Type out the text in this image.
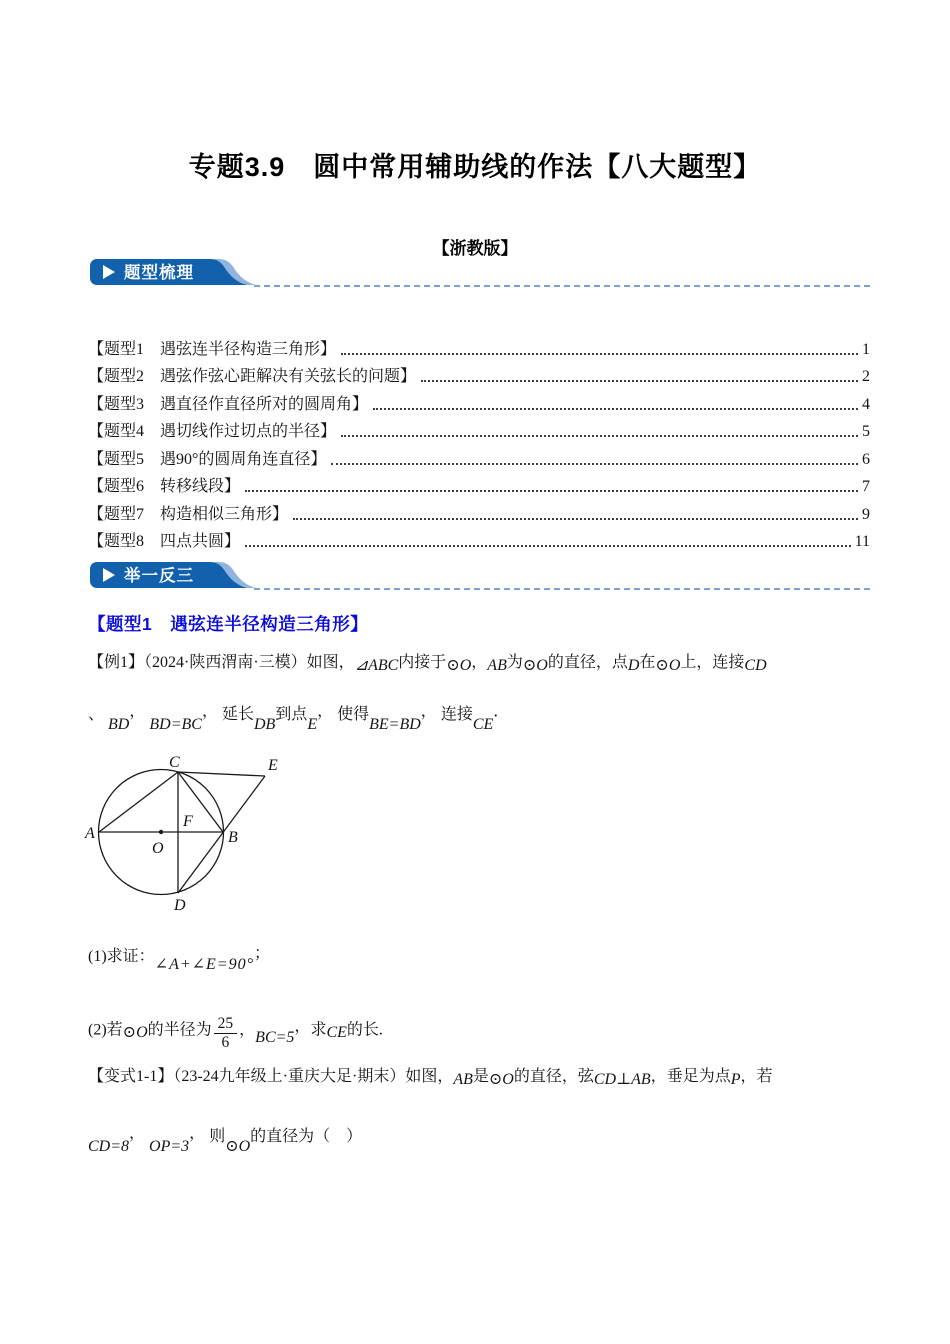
专题3.9　圆中常用辅助线的作法【八大题型】
【浙教版】
题型梳理
【题型1　遇弦连半径构造三角形】	1
【题型2　遇弦作弦心距解决有关弦长的问题】	2
【题型3　遇直径作直径所对的圆周角】	4
【题型4　遇切线作过切点的半径】	5
【题型5　遇90°的圆周角连直径】	6
【题型6　转移线段】	7
【题型7　构造相似三角形】	9
【题型8　四点共圆】	11
举一反三
【题型1　遇弦连半径构造三角形】
【例1】（2024·陕西渭南·三模）如图，⊿ABC内接于⊙O，AB为⊙O的直径，点D在⊙O上，连接CD
、 BD， BD=BC， 延长DB到点E， 使得BE=BD， 连接CE．
A	B
C
D
E
F
O
(1)求证：∠A+∠E=90°；
(2)若⊙O的半径为 $\frac{25}{6}$ ，BC=5，求CE的长.
【变式1-1】（23-24九年级上·重庆大足·期末）如图，AB是⊙O的直径，弦CD⊥AB，垂足为点P，若
CD=8， OP=3， 则⊙O的直径为（　）
